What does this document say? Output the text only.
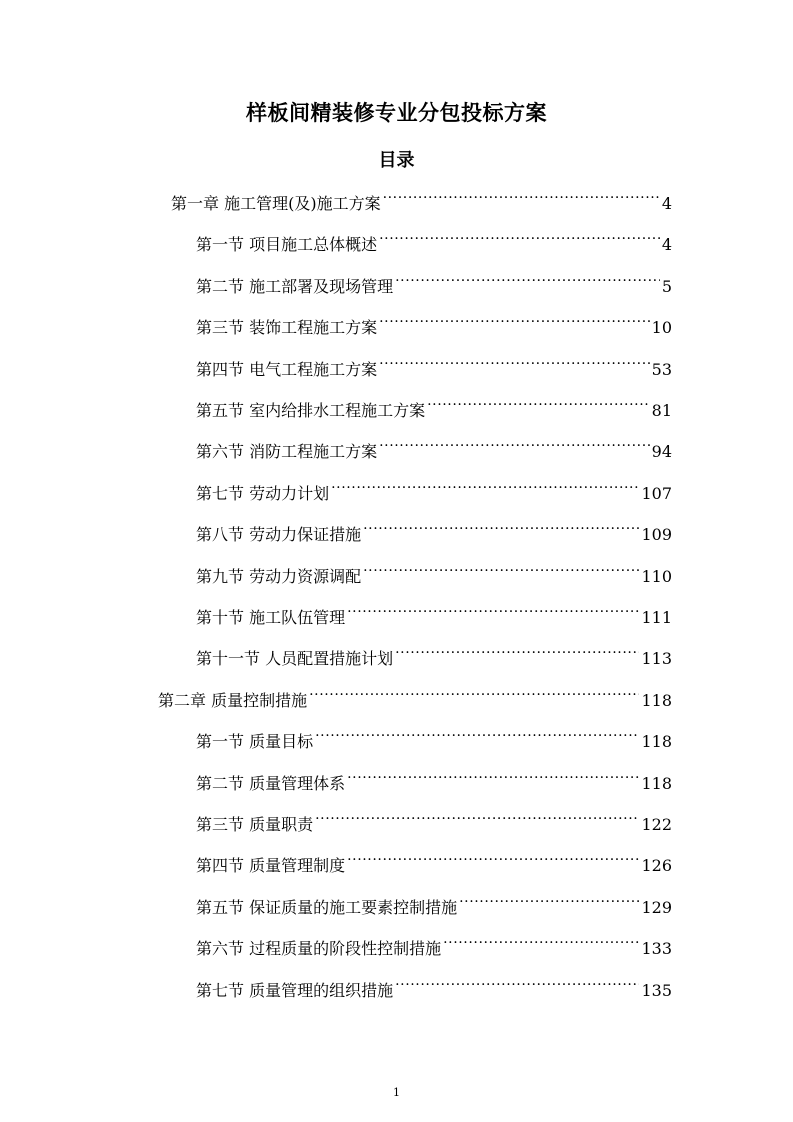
样板间精装修专业分包投标方案
目录
第一章 施工管理(及)施工方案 .....	4
第一节 项目施工总体概述 .....	4
第二节 施工部署及现场管理 .....	5
第三节 装饰工程施工方案 .....	10
第四节 电气工程施工方案 .....	53
第五节 室内给排水工程施工方案 .....	81
第六节 消防工程施工方案 .....	94
第七节 劳动力计划 .....	107
第八节 劳动力保证措施 .....	109
第九节 劳动力资源调配 .....	110
第十节 施工队伍管理 .....	111
第十一节 人员配置措施计划 .....	113
第二章 质量控制措施 .....	118
第一节 质量目标 .....	118
第二节 质量管理体系 .....	118
第三节 质量职责 .....	122
第四节 质量管理制度 .....	126
第五节 保证质量的施工要素控制措施 .....	129
第六节 过程质量的阶段性控制措施 .....	133
第七节 质量管理的组织措施 .....	135
1
